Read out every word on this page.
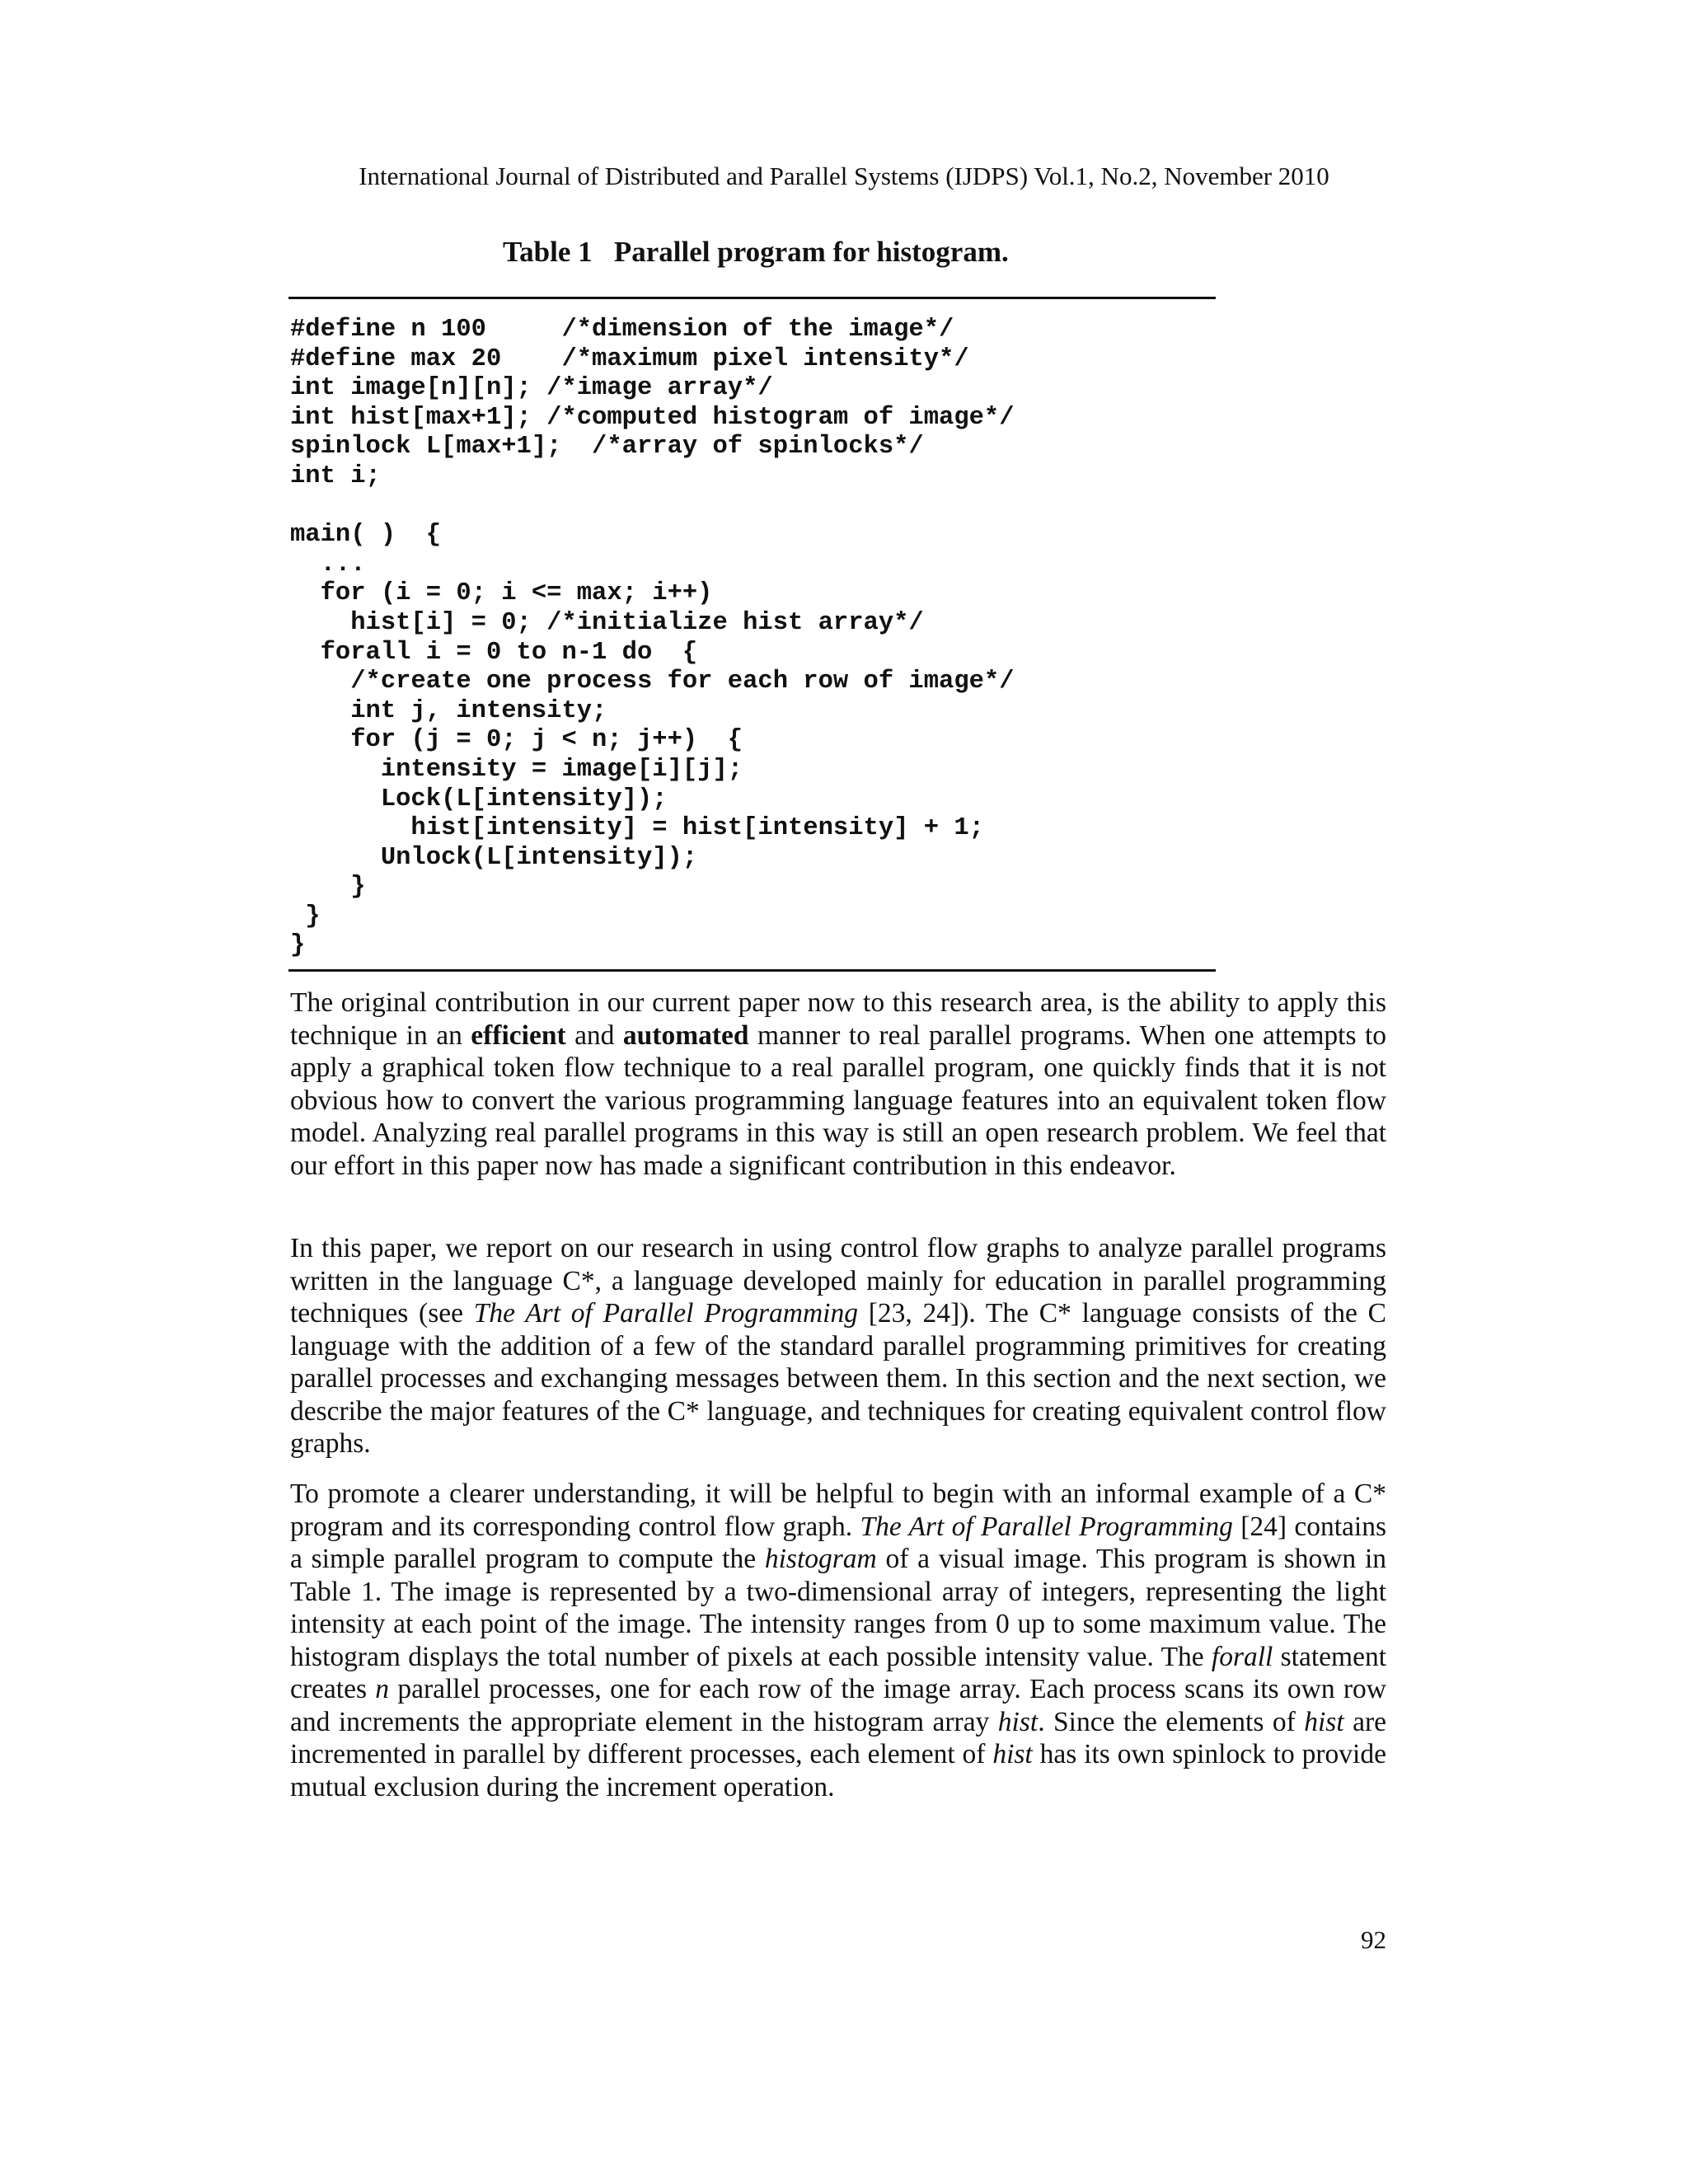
International Journal of Distributed and Parallel Systems (IJDPS) Vol.1, No.2, November 2010
Table 1   Parallel program for histogram.
#define n 100     /*dimension of the image*/
#define max 20    /*maximum pixel intensity*/
int image[n][n]; /*image array*/
int hist[max+1]; /*computed histogram of image*/
spinlock L[max+1];  /*array of spinlocks*/
int i;
main( )  {
...
for (i = 0; i <= max; i++)
hist[i] = 0; /*initialize hist array*/
forall i = 0 to n-1 do  {
/*create one process for each row of image*/
int j, intensity;
for (j = 0; j < n; j++)  {
intensity = image[i][j];
Lock(L[intensity]);
hist[intensity] = hist[intensity] + 1;
Unlock(L[intensity]);
}
}
}

The original contribution in our current paper now to this research area, is the ability to apply this technique in an efficient and automated manner to real parallel programs. When one attempts to apply a graphical token flow technique to a real parallel program, one quickly finds that it is not obvious how to convert the various programming language features into an equivalent token flow model. Analyzing real parallel programs in this way is still an open research problem. We feel that our effort in this paper now has made a significant contribution in this endeavor.

In this paper, we report on our research in using control flow graphs to analyze parallel programs written in the language C*, a language developed mainly for education in parallel programming techniques (see The Art of Parallel Programming [23, 24]). The C* language consists of the C language with the addition of a few of the standard parallel programming primitives for creating parallel processes and exchanging messages between them. In this section and the next section, we describe the major features of the C* language, and techniques for creating equivalent control flow graphs.

To promote a clearer understanding, it will be helpful to begin with an informal example of a C* program and its corresponding control flow graph. The Art of Parallel Programming [24] contains a simple parallel program to compute the histogram of a visual image. This program is shown in Table 1. The image is represented by a two-dimensional array of integers, representing the light intensity at each point of the image. The intensity ranges from 0 up to some maximum value. The histogram displays the total number of pixels at each possible intensity value. The forall statement creates n parallel processes, one for each row of the image array. Each process scans its own row and increments the appropriate element in the histogram array hist. Since the elements of hist are incremented in parallel by different processes, each element of hist has its own spinlock to provide mutual exclusion during the increment operation.

92
